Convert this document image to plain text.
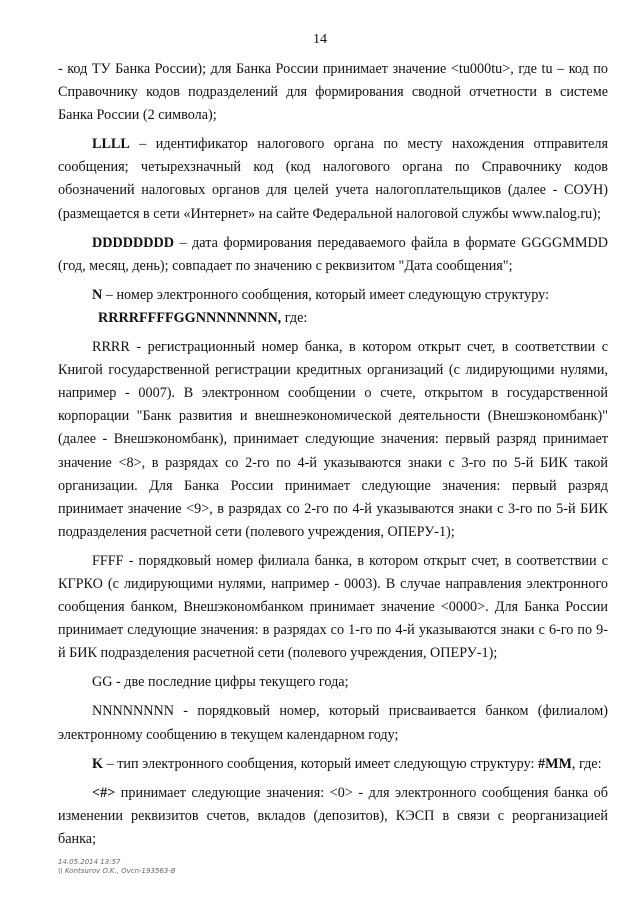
14

- код ТУ Банка России); для Банка России принимает значение <tu000tu>, где tu – код по Справочнику кодов подразделений для формирования сводной отчетности в системе Банка России (2 символа);

LLLL – идентификатор налогового органа по месту нахождения отправителя сообщения; четырехзначный код (код налогового органа по Справочнику кодов обозначений налоговых органов для целей учета налогоплательщиков (далее - СОУН) (размещается в сети «Интернет» на сайте Федеральной налоговой службы www.nalog.ru);

DDDDDDDD – дата формирования передаваемого файла в формате GGGGMMDD (год, месяц, день); совпадает по значению с реквизитом "Дата сообщения";

N – номер электронного сообщения, который имеет следующую структуру:

RRRRFFFFGGNNNNNNNN, где:

RRRR - регистрационный номер банка, в котором открыт счет, в соответствии с Книгой государственной регистрации кредитных организаций (с лидирующими нулями, например - 0007). В электронном сообщении о счете, открытом в государственной корпорации "Банк развития и внешнеэкономической деятельности (Внешэкономбанк)" (далее - Внешэкономбанк), принимает следующие значения: первый разряд принимает значение <8>, в разрядах со 2-го по 4-й указываются знаки с 3-го по 5-й БИК такой организации. Для Банка России принимает следующие значения: первый разряд принимает значение <9>, в разрядах со 2-го по 4-й указываются знаки с 3-го по 5-й БИК подразделения расчетной сети (полевого учреждения, ОПЕРУ-1);

FFFF - порядковый номер филиала банка, в котором открыт счет, в соответствии с КГРКО (с лидирующими нулями, например - 0003). В случае направления электронного сообщения банком, Внешэкономбанком принимает значение <0000>. Для Банка России принимает следующие значения: в разрядах со 1-го по 4-й указываются знаки с 6-го по 9-й БИК подразделения расчетной сети (полевого учреждения, ОПЕРУ-1);

GG - две последние цифры текущего года;

NNNNNNNN - порядковый номер, который присваивается банком (филиалом) электронному сообщению в текущем календарном году;

K – тип электронного сообщения, который имеет следующую структуру: #MM, где:

<#> принимает следующие значения: <0> - для электронного сообщения банка об изменении реквизитов счетов, вкладов (депозитов), КЭСП в связи с реорганизацией банка;

14.05.2014 13:57
\\ Kontsurov O.K., Ovcn-193563-B
